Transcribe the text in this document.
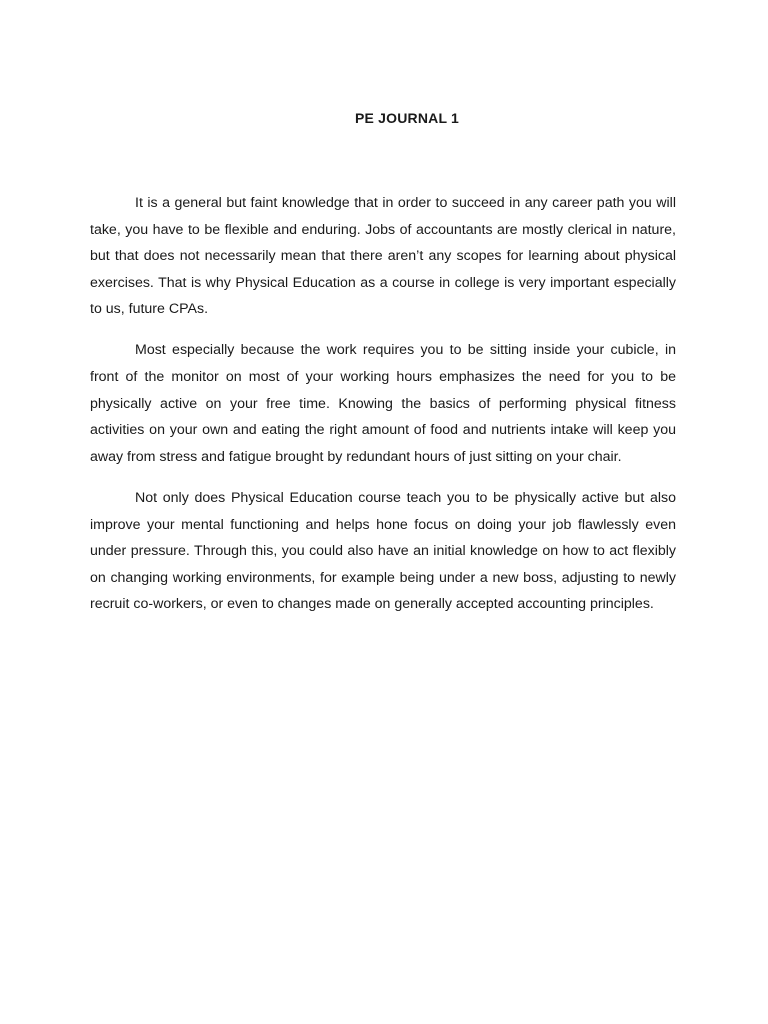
PE JOURNAL 1

It is a general but faint knowledge that in order to succeed in any career path you will take, you have to be flexible and enduring. Jobs of accountants are mostly clerical in nature, but that does not necessarily mean that there aren’t any scopes for learning about physical exercises. That is why Physical Education as a course in college is very important especially to us, future CPAs.

Most especially because the work requires you to be sitting inside your cubicle, in front of the monitor on most of your working hours emphasizes the need for you to be physically active on your free time. Knowing the basics of performing physical fitness activities on your own and eating the right amount of food and nutrients intake will keep you away from stress and fatigue brought by redundant hours of just sitting on your chair.

Not only does Physical Education course teach you to be physically active but also improve your mental functioning and helps hone focus on doing your job flawlessly even under pressure. Through this, you could also have an initial knowledge on how to act flexibly on changing working environments, for example being under a new boss, adjusting to newly recruit co-workers, or even to changes made on generally accepted accounting principles.
